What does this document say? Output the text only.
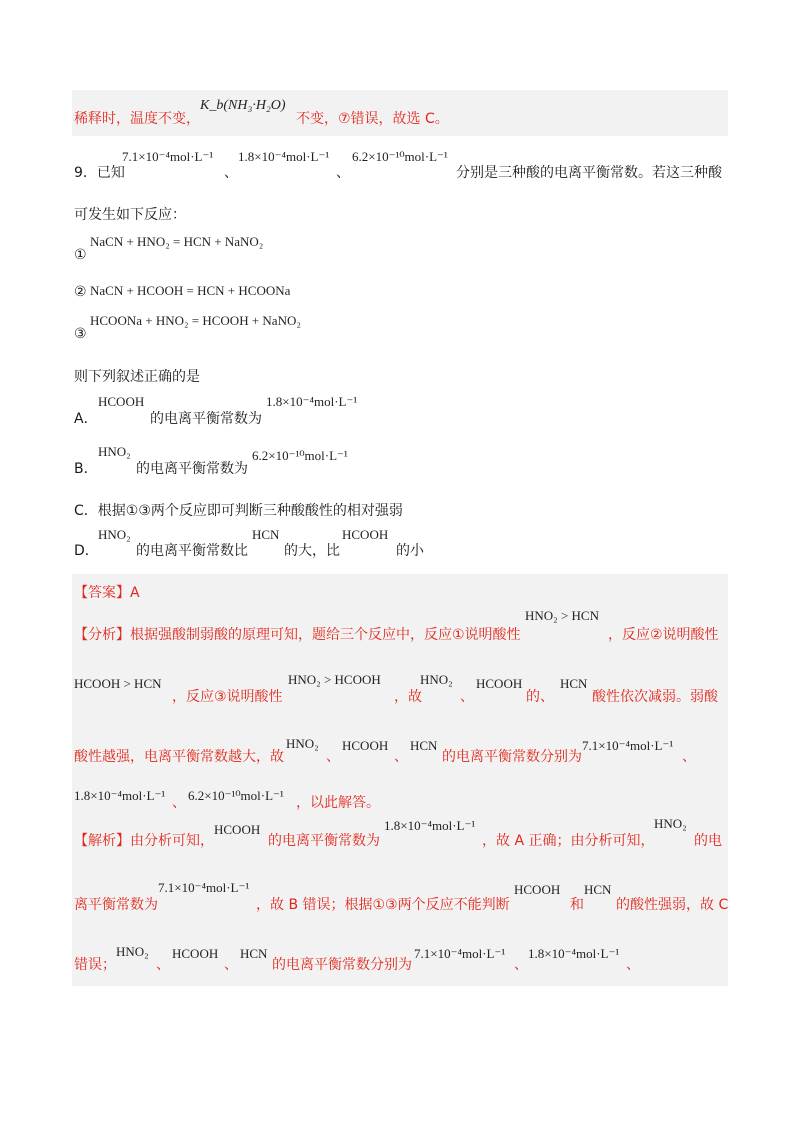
稀释时，温度不变，
K_b(NH₃·H₂O)
不变，⑦错误，故选 C。
9．已知
7.1×10⁻⁴mol·L⁻¹
、
1.8×10⁻⁴mol·L⁻¹
、
6.2×10⁻¹⁰mol·L⁻¹
分别是三种酸的电离平衡常数。若这三种酸
可发生如下反应：
①
NaCN + HNO₂ = HCN + NaNO₂
② NaCN + HCOOH = HCN + HCOONa
③
HCOONa + HNO₂ = HCOOH + NaNO₂
则下列叙述正确的是
A．
HCOOH
的电离平衡常数为
1.8×10⁻⁴mol·L⁻¹
B．
HNO₂
的电离平衡常数为
6.2×10⁻¹⁰mol·L⁻¹
C．根据①③两个反应即可判断三种酸酸性的相对强弱
D．
HNO₂
的电离平衡常数比
HCN
的大，比
HCOOH
的小
【答案】A
【分析】根据强酸制弱酸的原理可知，题给三个反应中，反应①说明酸性
HNO₂ > HCN
，反应②说明酸性
HCOOH > HCN
，反应③说明酸性
HNO₂ > HCOOH
，故
HNO₂
、
HCOOH
的、
HCN
酸性依次减弱。弱酸
酸性越强，电离平衡常数越大，故
HNO₂
、
HCOOH
、
HCN
的电离平衡常数分别为
7.1×10⁻⁴mol·L⁻¹
、
1.8×10⁻⁴mol·L⁻¹ 、 6.2×10⁻¹⁰mol·L⁻¹ ，以此解答。
【解析】由分析可知，
HCOOH
的电离平衡常数为
1.8×10⁻⁴mol·L⁻¹
，故 A 正确；由分析可知，
HNO₂
的电
离平衡常数为
7.1×10⁻⁴mol·L⁻¹
，故 B 错误；根据①③两个反应不能判断
HCOOH
和
HCN
的酸性强弱，故 C
错误；
HNO₂
、
HCOOH
、
HCN
的电离平衡常数分别为
7.1×10⁻⁴mol·L⁻¹
、
1.8×10⁻⁴mol·L⁻¹
、
